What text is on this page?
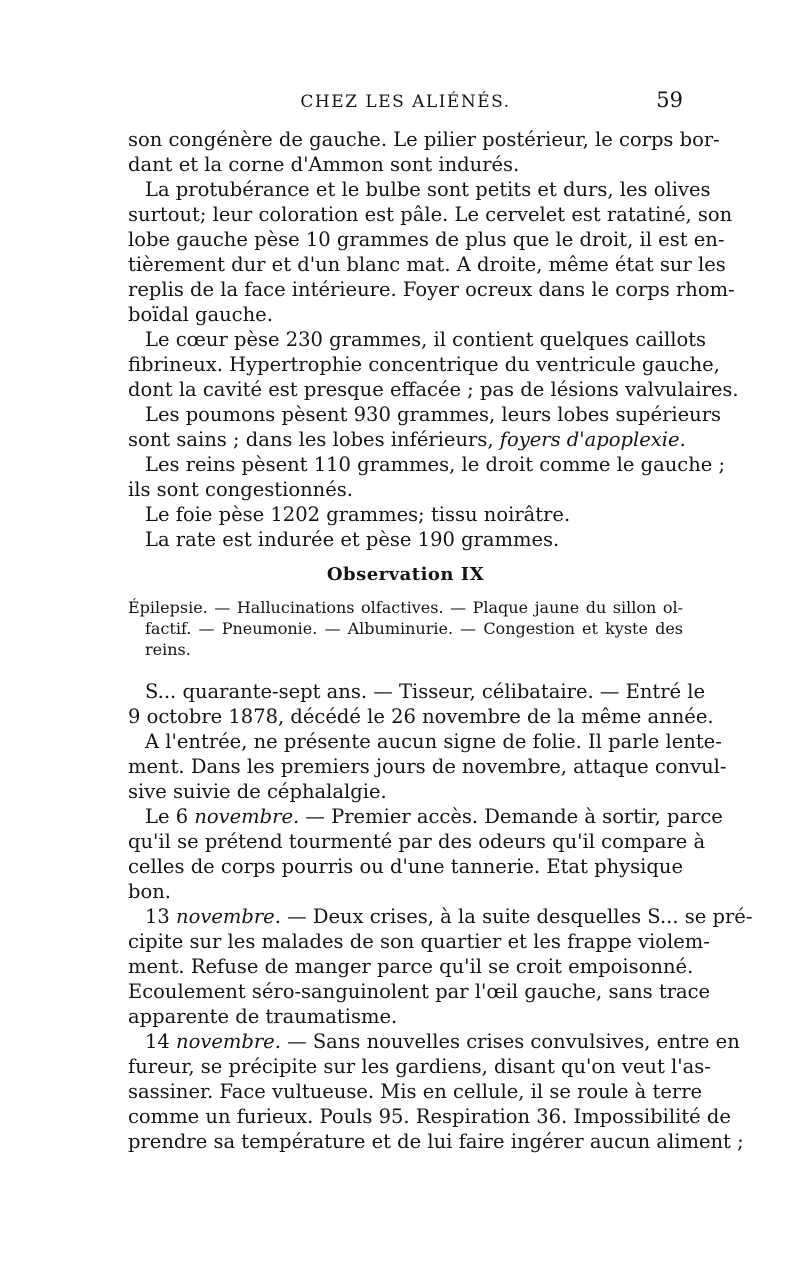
CHEZ LES ALIÉNÉS.	59
son congénère de gauche. Le pilier postérieur, le corps bor-
dant et la corne d'Ammon sont indurés.
La protubérance et le bulbe sont petits et durs, les olives
surtout; leur coloration est pâle. Le cervelet est ratatiné, son
lobe gauche pèse 10 grammes de plus que le droit, il est en-
tièrement dur et d'un blanc mat. A droite, même état sur les
replis de la face intérieure. Foyer ocreux dans le corps rhom-
boïdal gauche.
Le cœur pèse 230 grammes, il contient quelques caillots
fibrineux. Hypertrophie concentrique du ventricule gauche,
dont la cavité est presque effacée ; pas de lésions valvulaires.
Les poumons pèsent 930 grammes, leurs lobes supérieurs
sont sains ; dans les lobes inférieurs, foyers d'apoplexie.
Les reins pèsent 110 grammes, le droit comme le gauche ;
ils sont congestionnés.
Le foie pèse 1202 grammes; tissu noirâtre.
La rate est indurée et pèse 190 grammes.
Observation IX
Épilepsie. — Hallucinations olfactives. — Plaque jaune du sillon ol-
factif. — Pneumonie. — Albuminurie. — Congestion et kyste des
reins.
S... quarante-sept ans. — Tisseur, célibataire. — Entré le
9 octobre 1878, décédé le 26 novembre de la même année.
A l'entrée, ne présente aucun signe de folie. Il parle lente-
ment. Dans les premiers jours de novembre, attaque convul-
sive suivie de céphalalgie.
Le 6 novembre. — Premier accès. Demande à sortir, parce
qu'il se prétend tourmenté par des odeurs qu'il compare à
celles de corps pourris ou d'une tannerie. Etat physique
bon.
13 novembre. — Deux crises, à la suite desquelles S... se pré-
cipite sur les malades de son quartier et les frappe violem-
ment. Refuse de manger parce qu'il se croit empoisonné.
Ecoulement séro-sanguinolent par l'œil gauche, sans trace
apparente de traumatisme.
14 novembre. — Sans nouvelles crises convulsives, entre en
fureur, se précipite sur les gardiens, disant qu'on veut l'as-
sassiner. Face vultueuse. Mis en cellule, il se roule à terre
comme un furieux. Pouls 95. Respiration 36. Impossibilité de
prendre sa température et de lui faire ingérer aucun aliment ;
